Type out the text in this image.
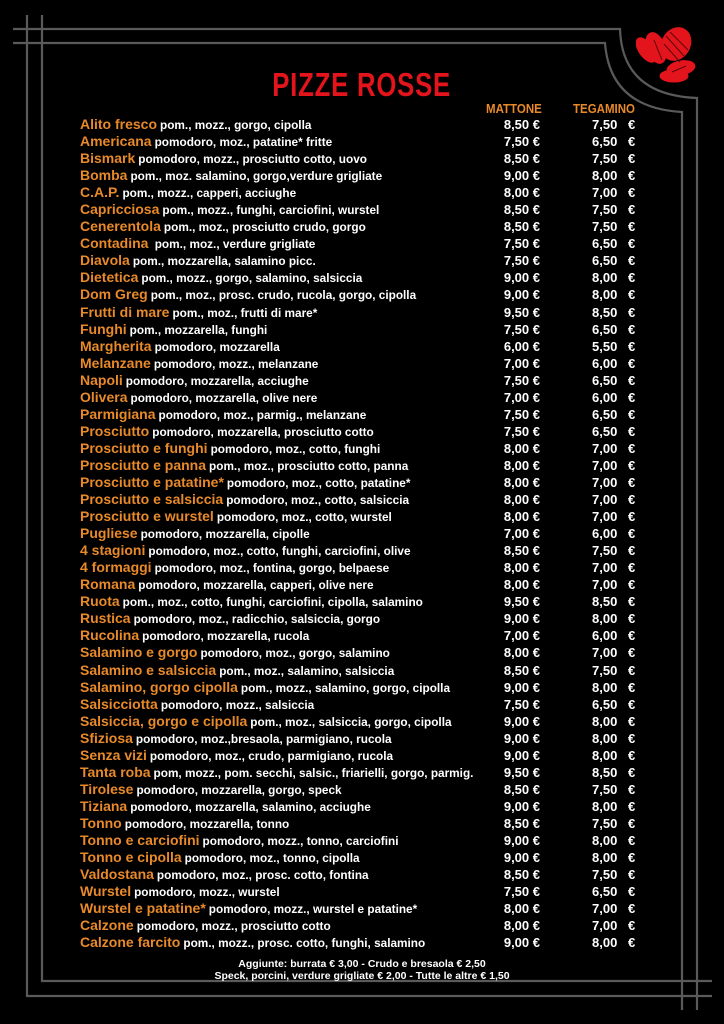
PIZZE ROSSE
MATTONE	TEGAMINO
Alito fresco pom., mozz., gorgo, cipolla	8,50 €	7,50 €
Americana pomodoro, moz., patatine* fritte	7,50 €	6,50 €
Bismark pomodoro, mozz., prosciutto cotto, uovo	8,50 €	7,50 €
Bomba pom., moz. salamino, gorgo,verdure grigliate	9,00 €	8,00 €
C.A.P. pom., mozz., capperi, acciughe	8,00 €	7,00 €
Capricciosa pom., mozz., funghi, carciofini, wurstel	8,50 €	7,50 €
Cenerentola pom., moz., prosciutto crudo, gorgo	8,50 €	7,50 €
Contadina pom., moz., verdure grigliate	7,50 €	6,50 €
Diavola pom., mozzarella, salamino picc.	7,50 €	6,50 €
Dietetica pom., mozz., gorgo, salamino, salsiccia	9,00 €	8,00 €
Dom Greg pom., moz., prosc. crudo, rucola, gorgo, cipolla	9,00 €	8,00 €
Frutti di mare pom., moz., frutti di mare*	9,50 €	8,50 €
Funghi pom., mozzarella, funghi	7,50 €	6,50 €
Margherita pomodoro, mozzarella	6,00 €	5,50 €
Melanzane pomodoro, mozz., melanzane	7,00 €	6,00 €
Napoli pomodoro, mozzarella, acciughe	7,50 €	6,50 €
Olivera pomodoro, mozzarella, olive nere	7,00 €	6,00 €
Parmigiana pomodoro, moz., parmig., melanzane	7,50 €	6,50 €
Prosciutto pomodoro, mozzarella, prosciutto cotto	7,50 €	6,50 €
Prosciutto e funghi pomodoro, moz., cotto, funghi	8,00 €	7,00 €
Prosciutto e panna pom., moz., prosciutto cotto, panna	8,00 €	7,00 €
Prosciutto e patatine* pomodoro, moz., cotto, patatine*	8,00 €	7,00 €
Prosciutto e salsiccia pomodoro, moz., cotto, salsiccia	8,00 €	7,00 €
Prosciutto e wurstel pomodoro, moz., cotto, wurstel	8,00 €	7,00 €
Pugliese pomodoro, mozzarella, cipolle	7,00 €	6,00 €
4 stagioni pomodoro, moz., cotto, funghi, carciofini, olive	8,50 €	7,50 €
4 formaggi pomodoro, moz., fontina, gorgo, belpaese	8,00 €	7,00 €
Romana pomodoro, mozzarella, capperi, olive nere	8,00 €	7,00 €
Ruota pom., moz., cotto, funghi, carciofini, cipolla, salamino	9,50 €	8,50 €
Rustica pomodoro, moz., radicchio, salsiccia, gorgo	9,00 €	8,00 €
Rucolina pomodoro, mozzarella, rucola	7,00 €	6,00 €
Salamino e gorgo pomodoro, moz., gorgo, salamino	8,00 €	7,00 €
Salamino e salsiccia pom., moz., salamino, salsiccia	8,50 €	7,50 €
Salamino, gorgo cipolla pom., mozz., salamino, gorgo, cipolla	9,00 €	8,00 €
Salsicciotta pomodoro, mozz., salsiccia	7,50 €	6,50 €
Salsiccia, gorgo e cipolla pom., moz., salsiccia, gorgo, cipolla	9,00 €	8,00 €
Sfiziosa pomodoro, moz.,bresaola, parmigiano, rucola	9,00 €	8,00 €
Senza vizi pomodoro, moz., crudo, parmigiano, rucola	9,00 €	8,00 €
Tanta roba pom, mozz., pom. secchi, salsic., friarielli, gorgo, parmig. 9,50 €	8,50 €
Tirolese pomodoro, mozzarella, gorgo, speck	8,50 €	7,50 €
Tiziana pomodoro, mozzarella, salamino, acciughe	9,00 €	8,00 €
Tonno pomodoro, mozzarella, tonno	8,50 €	7,50 €
Tonno e carciofini pomodoro, mozz., tonno, carciofini	9,00 €	8,00 €
Tonno e cipolla pomodoro, moz., tonno, cipolla	9,00 €	8,00 €
Valdostana pomodoro, moz., prosc. cotto, fontina	8,50 €	7,50 €
Wurstel pomodoro, mozz., wurstel	7,50 €	6,50 €
Wurstel e patatine* pomodoro, mozz., wurstel e patatine*	8,00 €	7,00 €
Calzone pomodoro, mozz., prosciutto cotto	8,00 €	7,00 €
Calzone farcito pom., mozz., prosc. cotto, funghi, salamino	9,00 €	8,00 €
Aggiunte: burrata € 3,00 - Crudo e bresaola € 2,50
Speck, porcini, verdure grigliate € 2,00 - Tutte le altre € 1,50
